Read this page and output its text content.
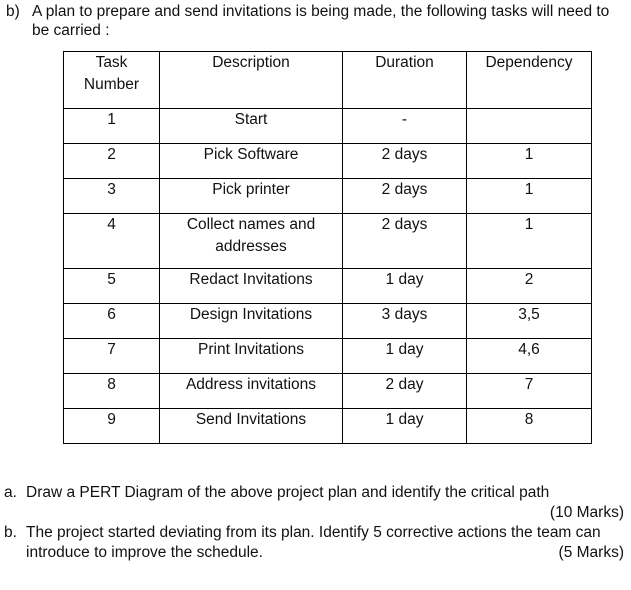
b) A plan to prepare and send invitations is being made, the following tasks will need to be carried :
Task Number	Description	Duration	Dependency
1	Start	-	
2	Pick Software	2 days	1
3	Pick printer	2 days	1
4	Collect names and addresses	2 days	1
5	Redact Invitations	1 day	2
6	Design Invitations	3 days	3,5
7	Print Invitations	1 day	4,6
8	Address invitations	2 day	7
9	Send Invitations	1 day	8
a. Draw a PERT Diagram of the above project plan and identify the critical path
(10 Marks)
b. The project started deviating from its plan. Identify 5 corrective actions the team can
introduce to improve the schedule.	(5 Marks)
